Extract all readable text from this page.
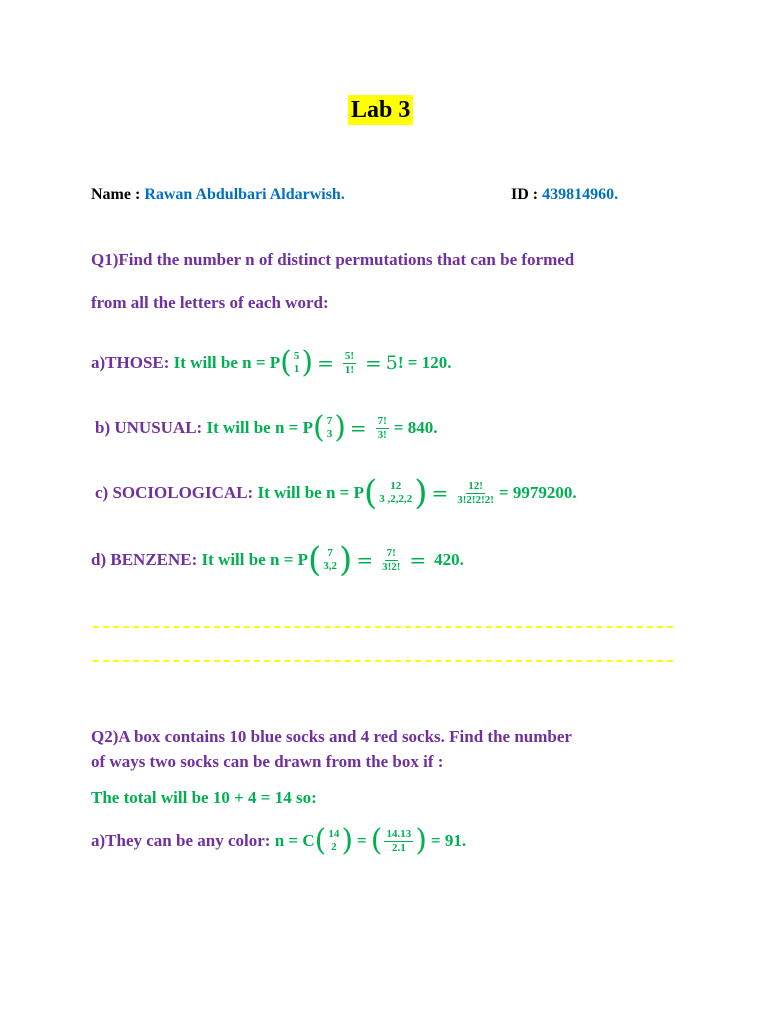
Lab 3
Name : Rawan Abdulbari Aldarwish.	ID : 439814960.
Q1)Find the number n of distinct permutations that can be formed
from all the letters of each word:
a)THOSE:
It will be n = P ( 5
1 ) = $\frac{5!}{1!} = 5$ ! = 120.
b) UNUSUAL:
It will be n = P ( 7
3 ) = $\frac{7!}{3!} = 840$.
c) SOCIOLOGICAL:
It will be n = P ( 12
3 ,2,2,2 ) = $\frac{12!}{3!2!2!2!} = 9979200$.
d) BENZENE:
It will be n = P ( 7
3,2 ) = $\frac{7!}{3!2!} = 420$.
Q2)A box contains 10 blue socks and 4 red socks. Find the number
of ways two socks can be drawn from the box if :
The total will be 10 + 4 = 14 so:
a)They can be any color:
n = C ( 14
2 ) = ( $\frac{14.13}{2.1}$ ) = 91.
